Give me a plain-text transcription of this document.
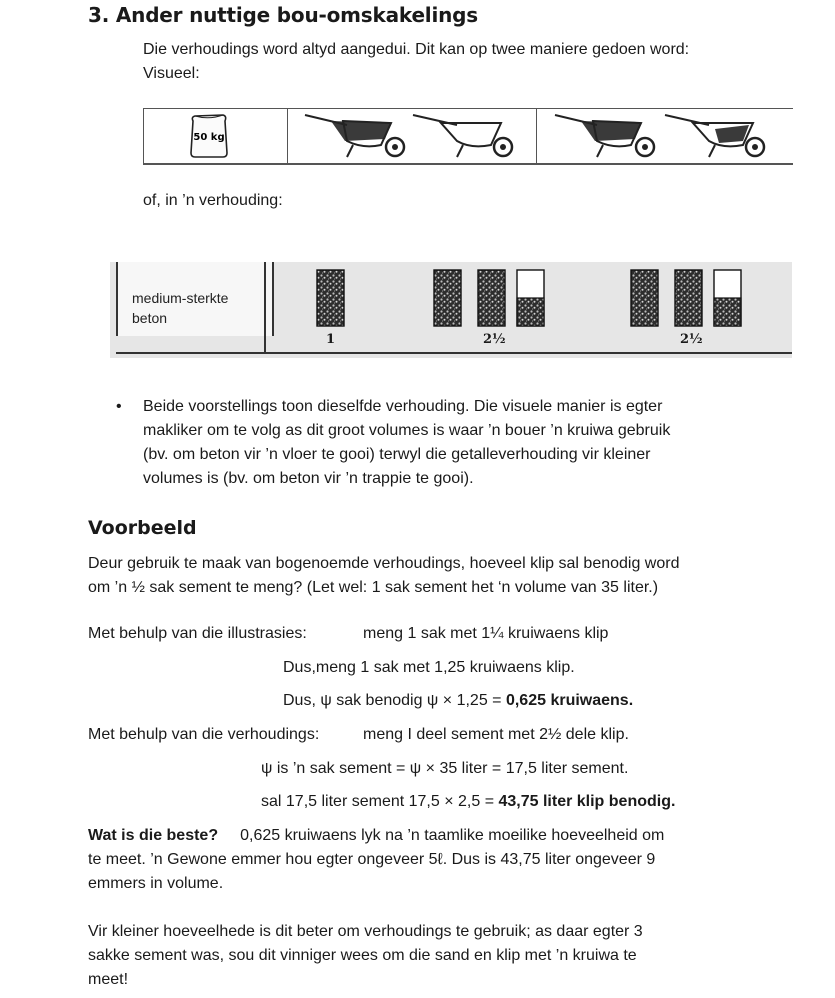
3. Ander nuttige bou-omskakelings
Die verhoudings word altyd aangedui. Dit kan op twee maniere gedoen word: Visueel:
50 kg
of, in ’n verhouding:
medium-sterkte
beton
1	2½	2½
• Beide voorstellings toon dieselfde verhouding. Die visuele manier is egter
makliker om te volg as dit groot volumes is waar ’n bouer ’n kruiwa gebruik
(bv. om beton vir ’n vloer te gooi) terwyl die getalleverhouding vir kleiner
volumes is (bv. om beton vir ’n trappie te gooi).
Voorbeeld
Deur gebruik te maak van bogenoemde verhoudings, hoeveel klip sal benodig word
om ’n ½ sak sement te meng? (Let wel: 1 sak sement het ‘n volume van 35 liter.)
Met behulp van die illustrasies:	meng 1 sak met 1¼ kruiwaens klip
Dus,meng 1 sak met 1,25 kruiwaens klip.
Dus, ψ sak benodig ψ × 1,25 = 0,625 kruiwaens.
Met behulp van die verhoudings:	meng I deel sement met 2½ dele klip.
ψ is ’n sak sement = ψ × 35 liter = 17,5 liter sement.
sal 17,5 liter sement 17,5 × 2,5 = 43,75 liter klip benodig.
Wat is die beste? 0,625 kruiwaens lyk na ’n taamlike moeilike hoeveelheid om
te meet. ’n Gewone emmer hou egter ongeveer 5ℓ. Dus is 43,75 liter ongeveer 9
emmers in volume.
Vir kleiner hoeveelhede is dit beter om verhoudings te gebruik; as daar egter 3
sakke sement was, sou dit vinniger wees om die sand en klip met ’n kruiwa te
meet!
